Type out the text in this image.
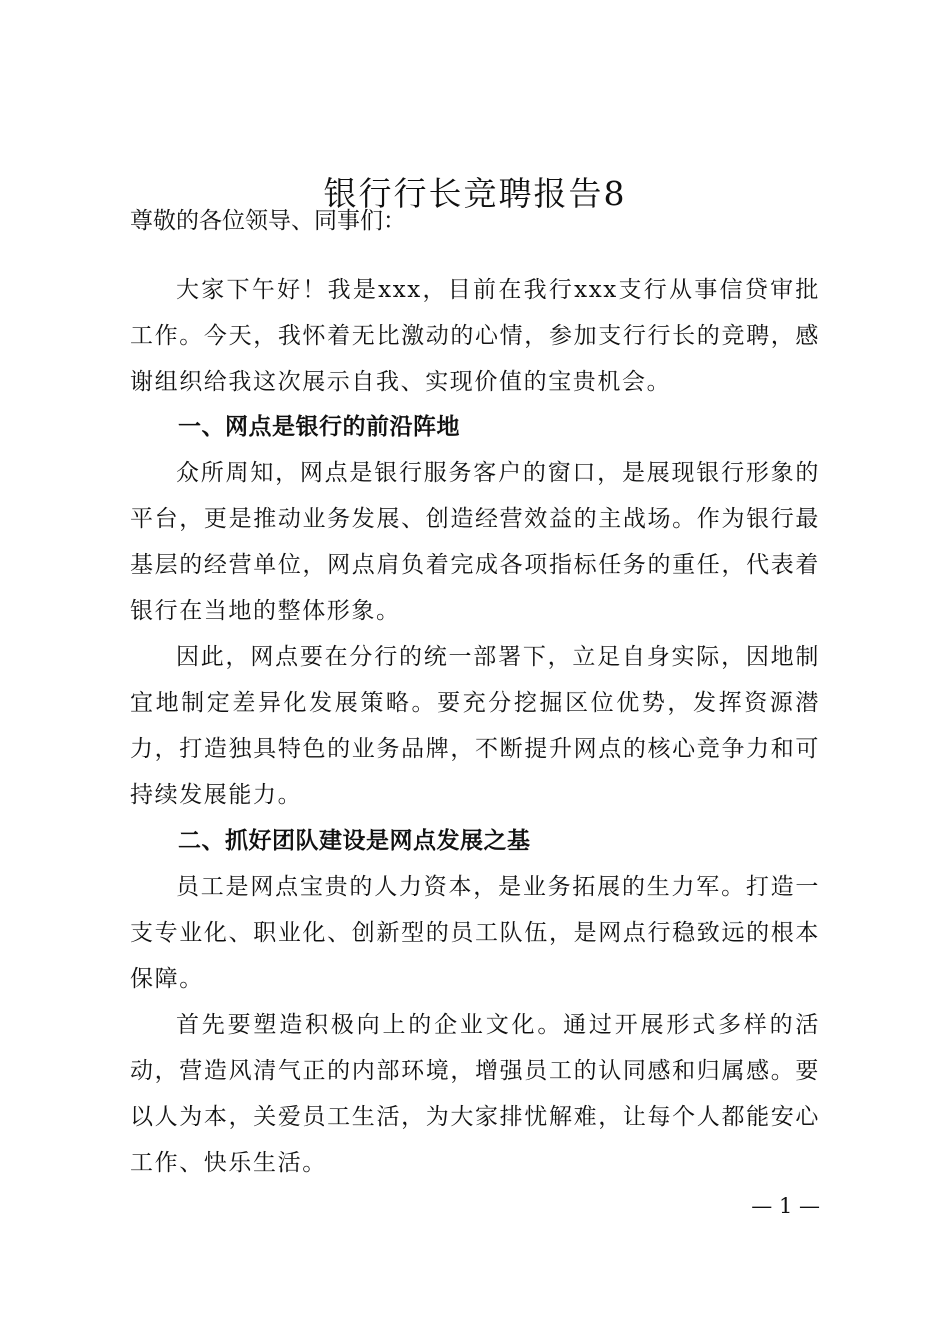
银行行长竞聘报告8
尊敬的各位领导、同事们：

大家下午好！我是xxx，目前在我行xxx支行从事信贷审批工作。今天，我怀着无比激动的心情，参加支行行长的竞聘，感谢组织给我这次展示自我、实现价值的宝贵机会。

一、网点是银行的前沿阵地

众所周知，网点是银行服务客户的窗口，是展现银行形象的平台，更是推动业务发展、创造经营效益的主战场。作为银行最基层的经营单位，网点肩负着完成各项指标任务的重任，代表着银行在当地的整体形象。

因此，网点要在分行的统一部署下，立足自身实际，因地制宜地制定差异化发展策略。要充分挖掘区位优势，发挥资源潜力，打造独具特色的业务品牌，不断提升网点的核心竞争力和可持续发展能力。

二、抓好团队建设是网点发展之基

员工是网点宝贵的人力资本，是业务拓展的生力军。打造一支专业化、职业化、创新型的员工队伍，是网点行稳致远的根本保障。

首先要塑造积极向上的企业文化。通过开展形式多样的活动，营造风清气正的内部环境，增强员工的认同感和归属感。要以人为本，关爱员工生活，为大家排忧解难，让每个人都能安心工作、快乐生活。

— 1 —
